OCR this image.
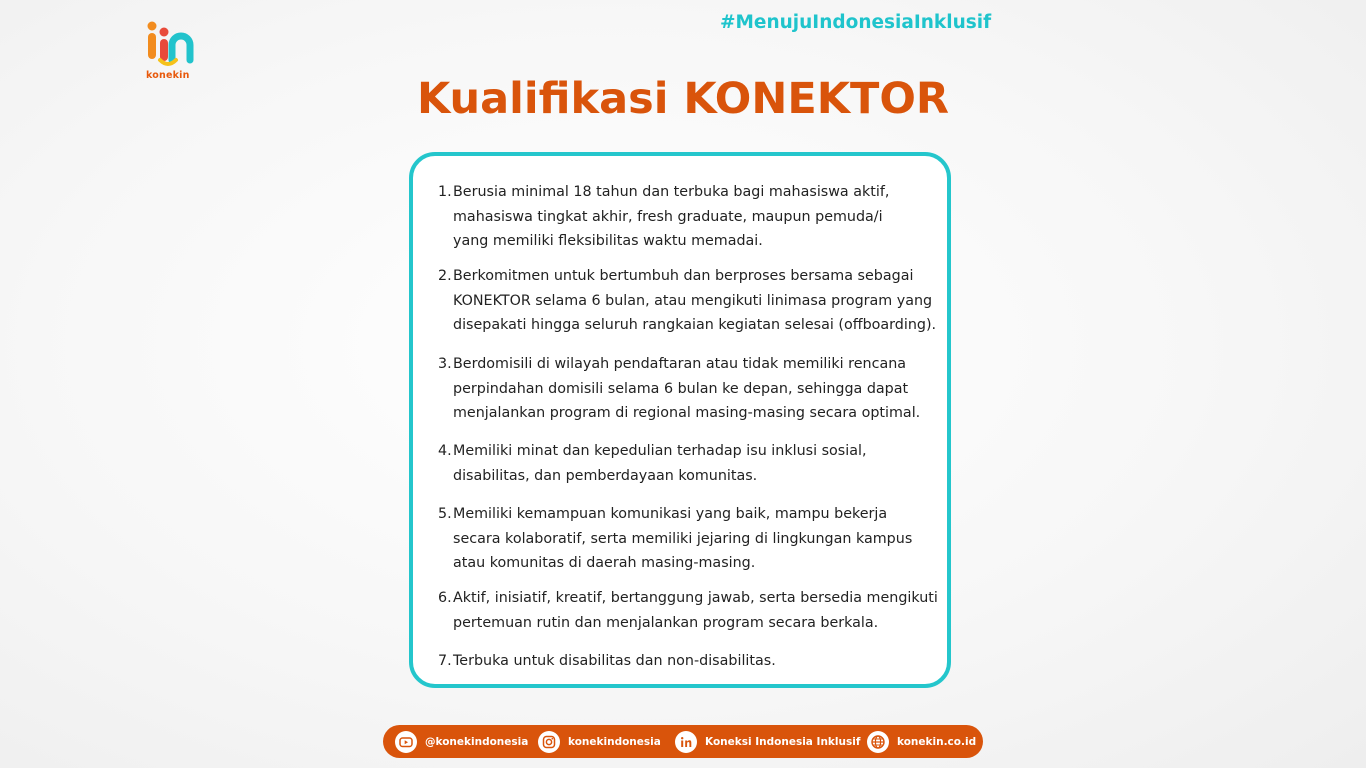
konekin
#MenujuIndonesiaInklusif
Kualifikasi KONEKTOR
1. Berusia minimal 18 tahun dan terbuka bagi mahasiswa aktif,
mahasiswa tingkat akhir, fresh graduate, maupun pemuda/i
yang memiliki fleksibilitas waktu memadai.
2. Berkomitmen untuk bertumbuh dan berproses bersama sebagai
KONEKTOR selama 6 bulan, atau mengikuti linimasa program yang
disepakati hingga seluruh rangkaian kegiatan selesai (offboarding).
3. Berdomisili di wilayah pendaftaran atau tidak memiliki rencana
perpindahan domisili selama 6 bulan ke depan, sehingga dapat
menjalankan program di regional masing-masing secara optimal.
4. Memiliki minat dan kepedulian terhadap isu inklusi sosial,
disabilitas, dan pemberdayaan komunitas.
5. Memiliki kemampuan komunikasi yang baik, mampu bekerja
secara kolaboratif, serta memiliki jejaring di lingkungan kampus
atau komunitas di daerah masing-masing.
6. Aktif, inisiatif, kreatif, bertanggung jawab, serta bersedia mengikuti
pertemuan rutin dan menjalankan program secara berkala.
7. Terbuka untuk disabilitas dan non-disabilitas.
@konekindonesia	konekindonesia	Koneksi Indonesia Inklusif	konekin.co.id
